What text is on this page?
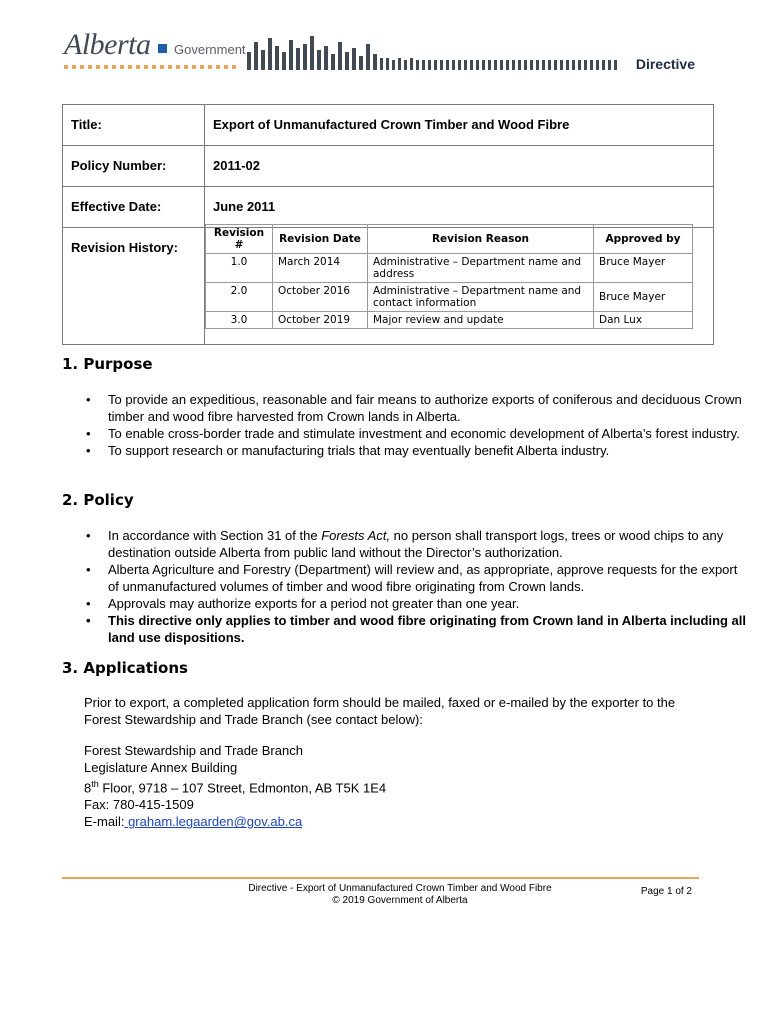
Alberta Government
Directive
Title:	Export of Unmanufactured Crown Timber and Wood Fibre
Policy Number:	2011-02
Effective Date:	June 2011
Revision History:	
Revision #	Revision Date	Revision Reason	Approved by
1.0	March 2014	Administrative – Department name and address	Bruce Mayer
2.0	October 2016	Administrative – Department name and contact information	Bruce Mayer
3.0	October 2019	Major review and update	Dan Lux
1. Purpose
• To provide an expeditious, reasonable and fair means to authorize exports of coniferous and deciduous Crown timber and wood fibre harvested from Crown lands in Alberta.
• To enable cross-border trade and stimulate investment and economic development of Alberta’s forest industry.
• To support research or manufacturing trials that may eventually benefit Alberta industry.
2. Policy
• In accordance with Section 31 of the Forests Act, no person shall transport logs, trees or wood chips to any destination outside Alberta from public land without the Director’s authorization.
• Alberta Agriculture and Forestry (Department) will review and, as appropriate, approve requests for the export of unmanufactured volumes of timber and wood fibre originating from Crown lands.
• Approvals may authorize exports for a period not greater than one year.
• This directive only applies to timber and wood fibre originating from Crown land in Alberta including all land use dispositions.
3. Applications

Prior to export, a completed application form should be mailed, faxed or e-mailed by the exporter to the Forest Stewardship and Trade Branch (see contact below):

Forest Stewardship and Trade Branch
Legislature Annex Building
8th Floor, 9718 – 107 Street, Edmonton, AB T5K 1E4
Fax: 780-415-1509
E-mail: graham.legaarden@gov.ab.ca
Directive - Export of Unmanufactured Crown Timber and Wood Fibre
© 2019 Government of Alberta
Page 1 of 2
